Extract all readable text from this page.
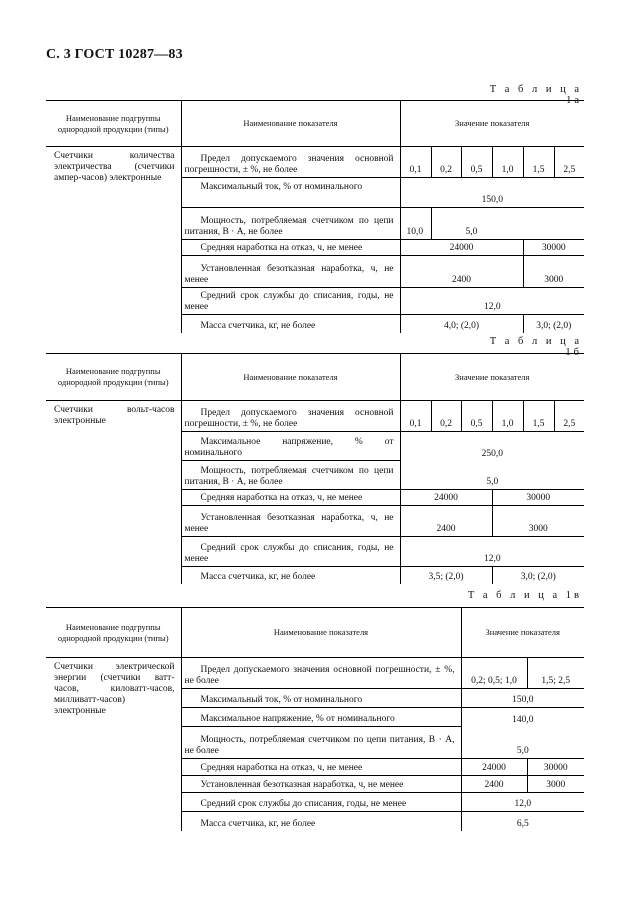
С. 3 ГОСТ 10287—83
Т а б л и ц а 1а
Наименование подгруппы однородной продукции (типы)	Наименование показателя	Значение показателя					
Счетчики количества электричества (счетчики ампер-часов) электронные	Предел допускаемого значения основной погрешности, ± %, не более	0,1	0,2	0,5	1,0	1,5	2,5

	Максимальный ток, % от номинального	150,0					

	Мощность, потребляемая счетчиком по цепи питания, В · А, не более	10,0	5,0				

	Средняя наработка на отказ, ч, не менее	24000				30000	

	Установленная безотказная наработка, ч, не менее	2400				3000	

	Средний срок службы до списания, годы, не менее	12,0					

	Масса счетчика, кг, не более	4,0; (2,0)				3,0; (2,0)	
Т а б л и ц а 1б
Наименование подгруппы однородной продукции (типы)	Наименование показателя	Значение показателя					
Счетчики вольт-часов электронные	Предел допускаемого значения основной погрешности, ± %, не более	0,1	0,2	0,5	1,0	1,5	2,5

	Максимальное напряжение, % от номинального	250,0					

	Мощность, потребляемая счетчиком по цепи питания, В · А, не более	5,0					

	Средняя наработка на отказ, ч, не менее	24000			30000		

	Установленная безотказная наработка, ч, не менее	2400			3000		

	Средний срок службы до списания, годы, не менее	12,0					

	Масса счетчика, кг, не более	3,5; (2,0)			3,0; (2,0)		
Т а б л и ц а 1в
Наименование подгруппы однородной продукции (типы)	Наименование показателя	Значение показателя	
Счетчики электрической энергии (счетчики ватт-часов, киловатт-часов, милливатт-часов) электронные	Предел допускаемого значения основной погрешности, ± %, не более	0,2; 0,5; 1,0	1,5; 2,5

	Максимальный ток, % от номинального	150,0	

	Максимальное напряжение, % от номинального	140,0	

	Мощность, потребляемая счетчиком по цепи питания, В · А, не более	5,0	

	Средняя наработка на отказ, ч, не менее	24000	30000

	Установленная безотказная наработка, ч, не менее	2400	3000

	Средний срок службы до списания, годы, не менее	12,0	

	Масса счетчика, кг, не более	6,5	
